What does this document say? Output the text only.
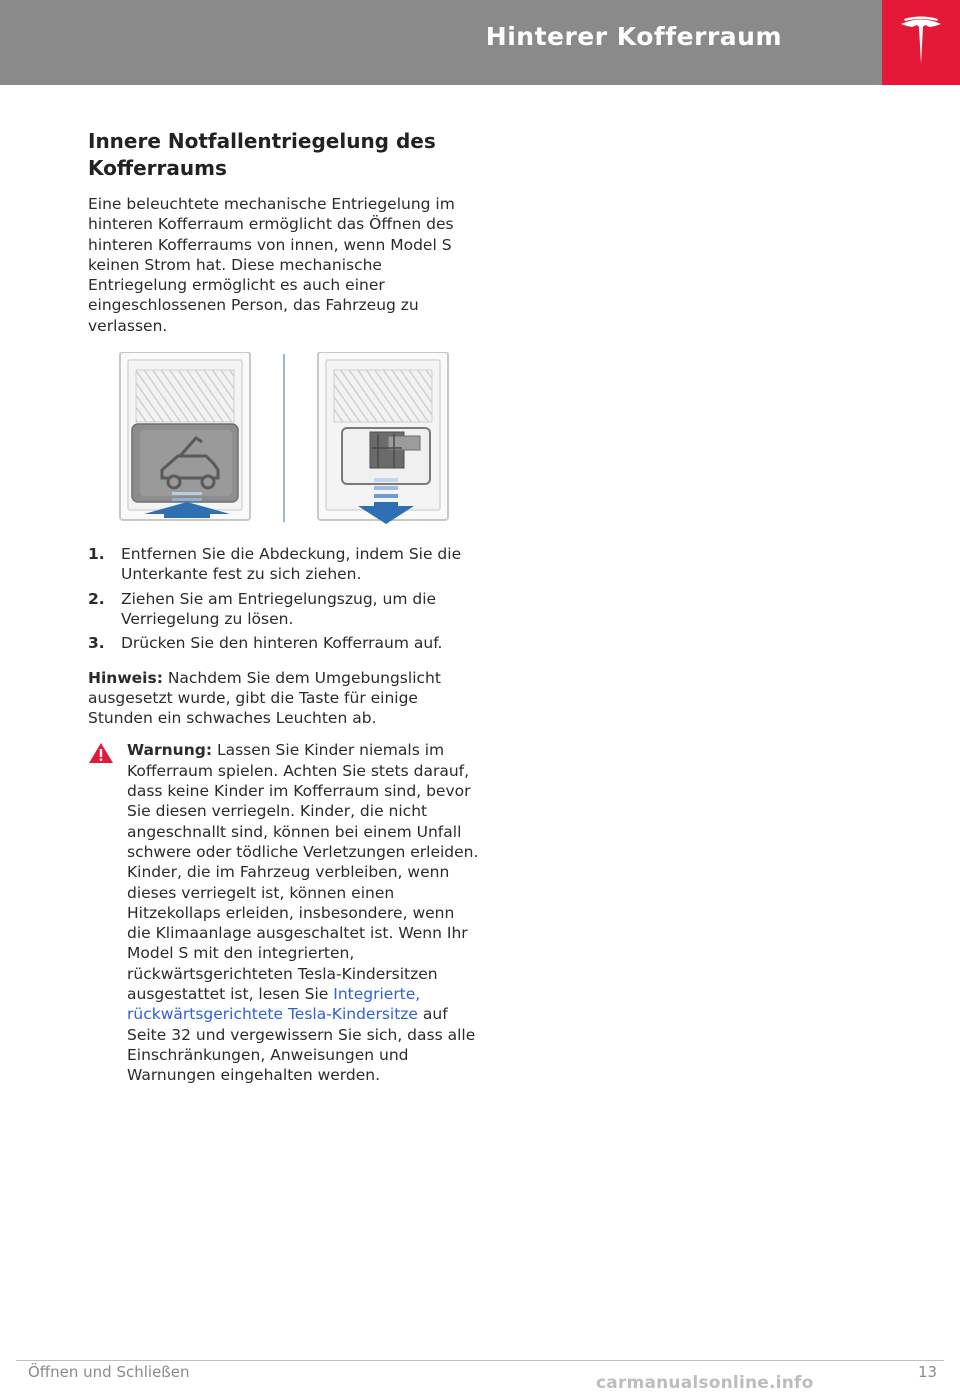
Hinterer Kofferraum
Innere Notfallentriegelung des Kofferraums

Eine beleuchtete mechanische Entriegelung im hinteren Kofferraum ermöglicht das Öffnen des hinteren Kofferraums von innen, wenn Model S keinen Strom hat. Diese mechanische Entriegelung ermöglicht es auch einer eingeschlossenen Person, das Fahrzeug zu verlassen.

1. Entfernen Sie die Abdeckung, indem Sie die Unterkante fest zu sich ziehen.
2. Ziehen Sie am Entriegelungszug, um die Verriegelung zu lösen.
3. Drücken Sie den hinteren Kofferraum auf.

Hinweis: Nachdem Sie dem Umgebungslicht ausgesetzt wurde, gibt die Taste für einige Stunden ein schwaches Leuchten ab.

Warnung: Lassen Sie Kinder niemals im Kofferraum spielen. Achten Sie stets darauf, dass keine Kinder im Kofferraum sind, bevor Sie diesen verriegeln. Kinder, die nicht angeschnallt sind, können bei einem Unfall schwere oder tödliche Verletzungen erleiden. Kinder, die im Fahrzeug verbleiben, wenn dieses verriegelt ist, können einen Hitzekollaps erleiden, insbesondere, wenn die Klimaanlage ausgeschaltet ist. Wenn Ihr Model S mit den integrierten, rückwärtsgerichteten Tesla-Kindersitzen ausgestattet ist, lesen Sie Integrierte, rückwärtsgerichtete Tesla-Kindersitze auf Seite 32 und vergewissern Sie sich, dass alle Einschränkungen, Anweisungen und Warnungen eingehalten werden.

Öffnen und Schließen	13
carmanualsonline.info
